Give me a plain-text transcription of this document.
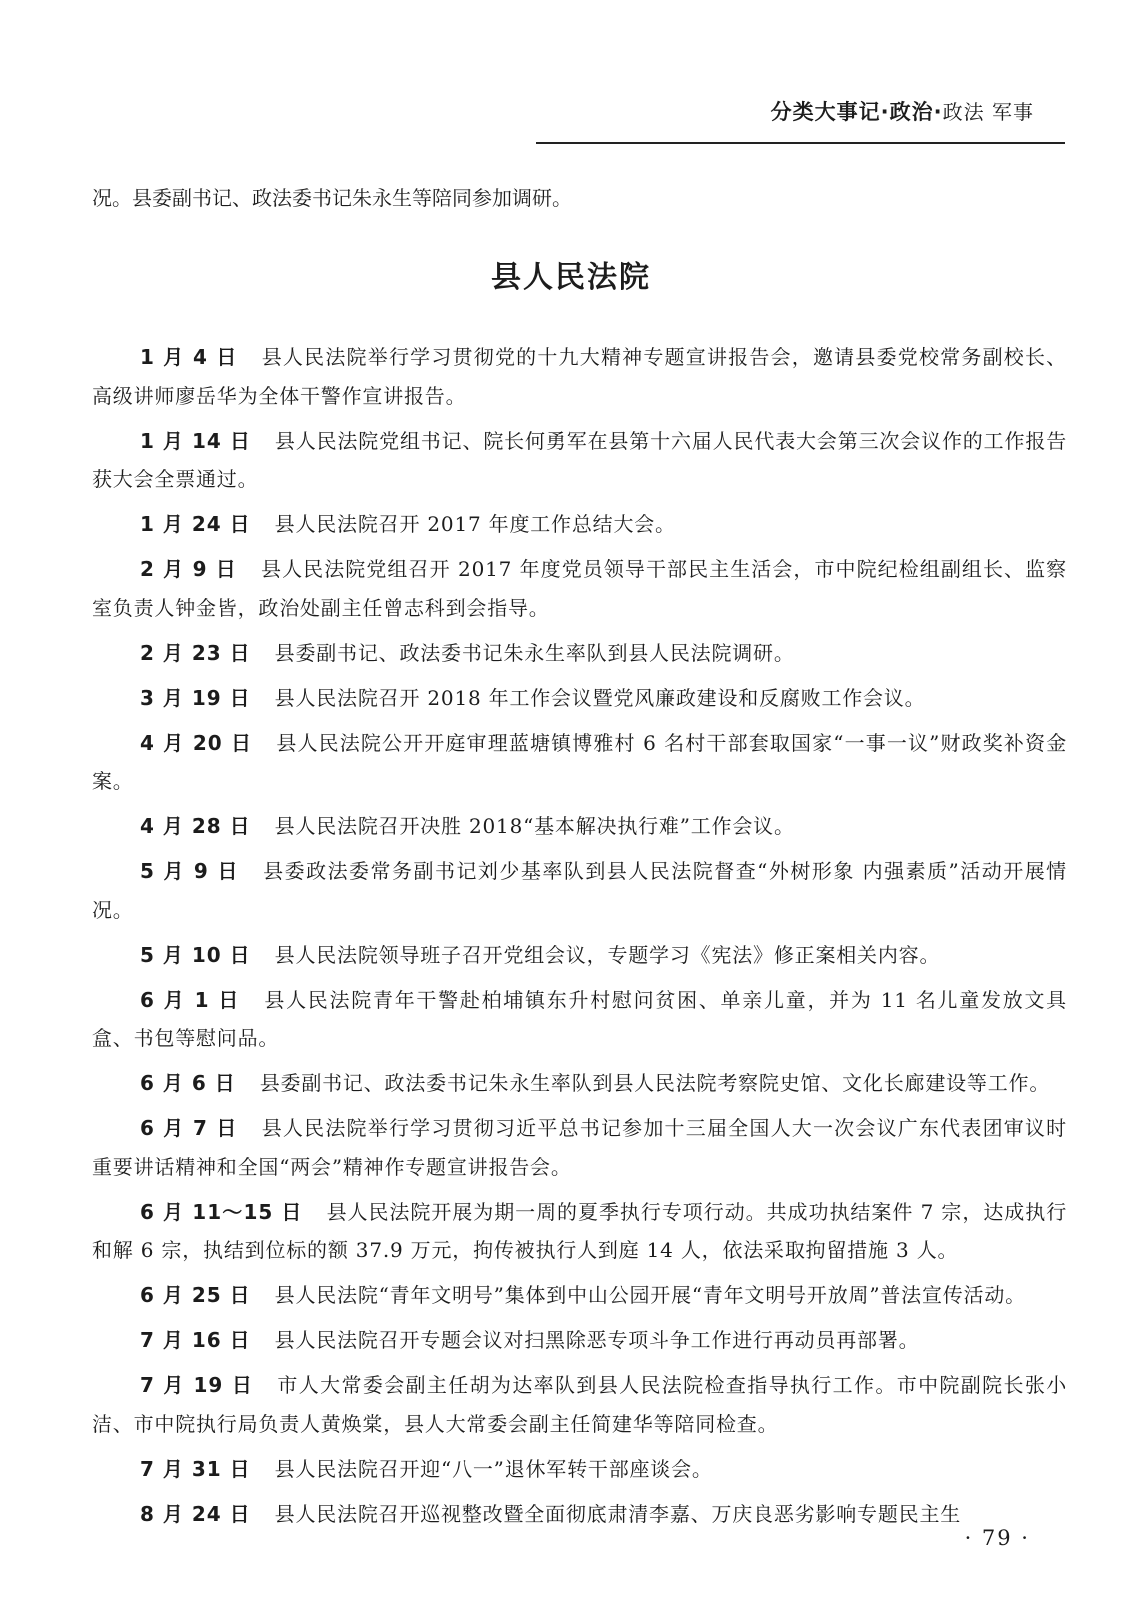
分类大事记·政治·政法 军事
况。县委副书记、政法委书记朱永生等陪同参加调研。
县人民法院

1 月 4 日 县人民法院举行学习贯彻党的十九大精神专题宣讲报告会，邀请县委党校常务副校长、高级讲师廖岳华为全体干警作宣讲报告。

1 月 14 日 县人民法院党组书记、院长何勇军在县第十六届人民代表大会第三次会议作的工作报告获大会全票通过。

1 月 24 日 县人民法院召开 2017 年度工作总结大会。

2 月 9 日 县人民法院党组召开 2017 年度党员领导干部民主生活会，市中院纪检组副组长、监察室负责人钟金皆，政治处副主任曾志科到会指导。

2 月 23 日 县委副书记、政法委书记朱永生率队到县人民法院调研。

3 月 19 日 县人民法院召开 2018 年工作会议暨党风廉政建设和反腐败工作会议。

4 月 20 日 县人民法院公开开庭审理蓝塘镇博雅村 6 名村干部套取国家“一事一议”财政奖补资金案。

4 月 28 日 县人民法院召开决胜 2018“基本解决执行难”工作会议。

5 月 9 日 县委政法委常务副书记刘少基率队到县人民法院督查“外树形象 内强素质”活动开展情况。

5 月 10 日 县人民法院领导班子召开党组会议，专题学习《宪法》修正案相关内容。

6 月 1 日 县人民法院青年干警赴柏埔镇东升村慰问贫困、单亲儿童，并为 11 名儿童发放文具盒、书包等慰问品。

6 月 6 日 县委副书记、政法委书记朱永生率队到县人民法院考察院史馆、文化长廊建设等工作。

6 月 7 日 县人民法院举行学习贯彻习近平总书记参加十三届全国人大一次会议广东代表团审议时重要讲话精神和全国“两会”精神作专题宣讲报告会。

6 月 11～15 日 县人民法院开展为期一周的夏季执行专项行动。共成功执结案件 7 宗，达成执行和解 6 宗，执结到位标的额 37.9 万元，拘传被执行人到庭 14 人，依法采取拘留措施 3 人。

6 月 25 日 县人民法院“青年文明号”集体到中山公园开展“青年文明号开放周”普法宣传活动。

7 月 16 日 县人民法院召开专题会议对扫黑除恶专项斗争工作进行再动员再部署。

7 月 19 日 市人大常委会副主任胡为达率队到县人民法院检查指导执行工作。市中院副院长张小洁、市中院执行局负责人黄焕棠，县人大常委会副主任简建华等陪同检查。

7 月 31 日 县人民法院召开迎“八一”退休军转干部座谈会。

8 月 24 日 县人民法院召开巡视整改暨全面彻底肃清李嘉、万庆良恶劣影响专题民主生

· 79 ·
